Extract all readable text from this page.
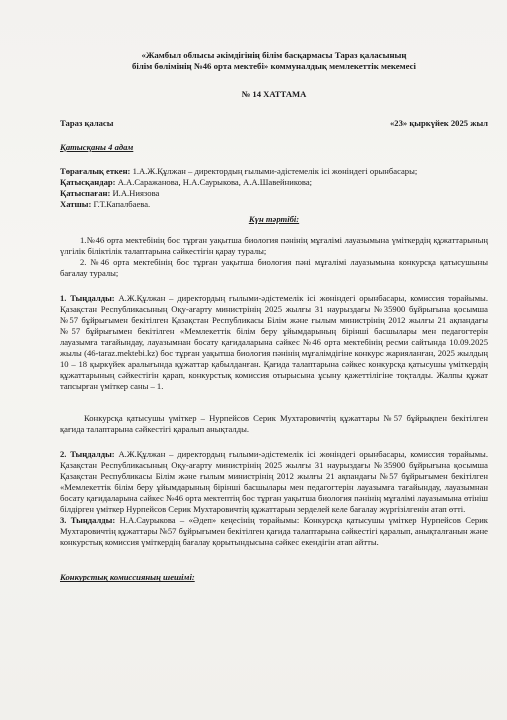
«Жамбыл облысы әкімдігінің білім басқармасы Тараз қаласының

білім бөлімінің №46 орта мектебі» коммуналдық мемлекеттік мекемесі

№ 14 ХАТТАМА

Тараз қаласы	«23» қыркүйек 2025 жыл

Қатысқаны 4 адам

Төрағалық еткен: 1.А.Ж.Құлжан – директордың ғылыми-әдістемелік ісі жөніндегі орынбасары;

Қатысқандар: А.А.Саражанова, Н.А.Саурыкова, А.А.Шавейникова;

Қатыспаған: И.А.Ниязова

Хатшы: Г.Т.Капалбаева.

Күн тәртібі:

1.№46 орта мектебінің бос тұрған уақытша биология пәнінің мұғалімі лауазымына үміткердің құжаттарының үлгілік біліктілік талаптарына сәйкестігін қарау туралы;

2. №46 орта мектебінің бос тұрған уақытша биология пәні мұғалімі лауазымына конкурсқа қатысушыны бағалау туралы;

1. Тыңдалды: А.Ж.Құлжан – директордың ғылыми-әдістемелік ісі жөніндегі орынбасары, комиссия төрайымы. Қазақстан Республикасының Оқу-ағарту министрінің 2025 жылғы 31 наурыздағы №35900 бұйрығына қосымша №57 бұйрығымен бекітілген Қазақстан Республикасы Білім және ғылым министрінің 2012 жылғы 21 ақпандағы №57 бұйрығымен бекітілген «Мемлекеттік білім беру ұйымдарының бірінші басшылары мен педагогтерін лауазымға тағайындау, лауазымнан босату қағидаларына сәйкес №46 орта мектебінің ресми сайтында 10.09.2025 жылы (46-taraz.mektebi.kz) бос тұрған уақытша биология пәнінің мұғалімдігіне конкурс жарияланған, 2025 жылдың 10 – 18 қыркүйек аралығында құжаттар қабылданған. Қағида талаптарына сәйкес конкурсқа қатысушы үміткердің құжаттарының сәйкестігін қарап, конкурстық комиссия отырысына ұсыну қажеттілігіне тоқталды. Жалпы құжат тапсырған үміткер саны – 1.

Конкурсқа қатысушы үміткер – Нурпейсов Серик Мухтаровичтің құжаттары №57 бұйрықпен бекітілген қағида талаптарына сәйкестігі қаралып анықталды.

2. Тыңдалды: А.Ж.Құлжан – директордың ғылыми-әдістемелік ісі жөніндегі орынбасары, комиссия төрайымы. Қазақстан Республикасының Оқу-ағарту министрінің 2025 жылғы 31 наурыздағы №35900 бұйрығына қосымша Қазақстан Республикасы Білім және ғылым министрінің 2012 жылғы 21 ақпандағы №57 бұйрығымен бекітілген «Мемлекеттік білім беру ұйымдарының бірінші басшылары мен педагогтерін лауазымға тағайындау, лауазымнан босату қағидаларына сәйкес №46 орта мектептің бос тұрған уақытша биология пәнінің мұғалімі лауазымына өтініш білдірген үміткер Нурпейсов Серик Мухтаровичтің құжаттарын зерделей келе бағалау жүргізілгенін атап өтті.

3. Тыңдалды: Н.А.Саурыкова – «Әдеп» кеңесінің төрайымы: Конкурсқа қатысушы үміткер Нурпейсов Серик Мухтаровичтің құжаттары №57 бұйрығымен бекітілген қағида талаптарына сәйкестігі қаралып, анықталғанын және конкурстық комиссия үміткердің бағалау қорытындысына сәйкес екендігін атап айтты.

Конкурстық комиссияның шешімі:
